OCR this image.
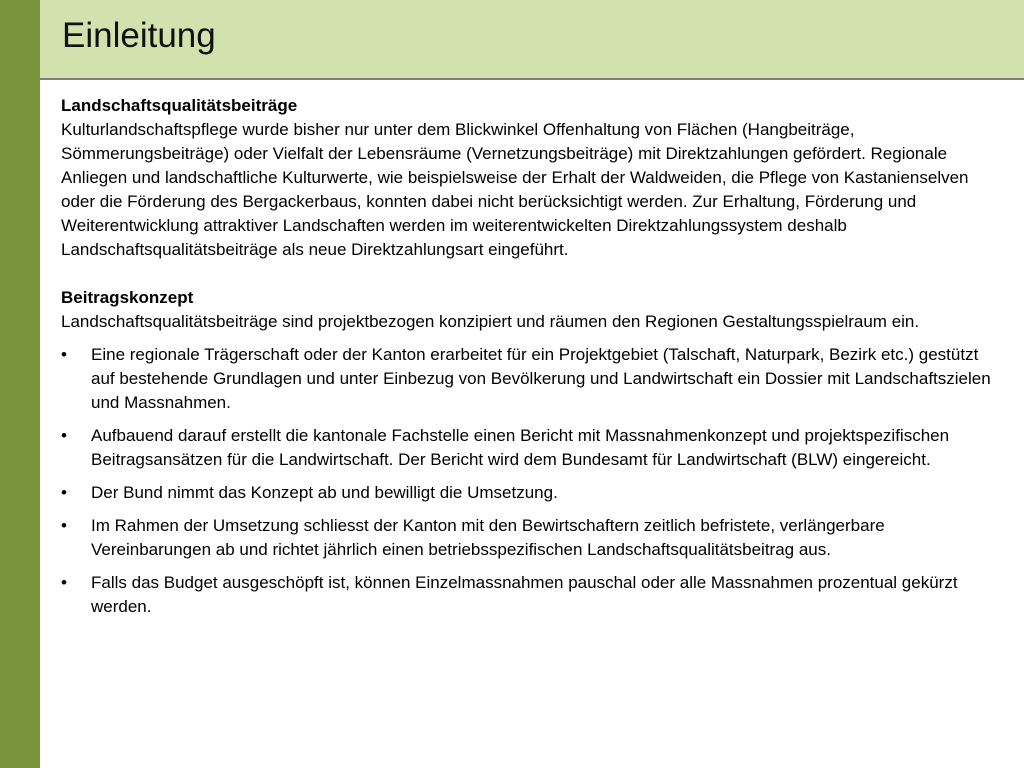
Einleitung
Landschaftsqualitätsbeiträge

Kulturlandschaftspflege wurde bisher nur unter dem Blickwinkel Offenhaltung von Flächen (Hangbeiträge, Sömmerungsbeiträge) oder Vielfalt der Lebensräume (Vernetzungsbeiträge) mit Direktzahlungen gefördert. Regionale Anliegen und landschaftliche Kulturwerte, wie beispielsweise der Erhalt der Waldweiden, die Pflege von Kastanienselven oder die Förderung des Bergackerbaus, konnten dabei nicht berücksichtigt werden. Zur Erhaltung, Förderung und Weiterentwicklung attraktiver Landschaften werden im weiterentwickelten Direktzahlungssystem deshalb Landschaftsqualitätsbeiträge als neue Direktzahlungsart eingeführt.

Beitragskonzept

Landschaftsqualitätsbeiträge sind projektbezogen konzipiert und räumen den Regionen Gestaltungsspielraum ein.

• Eine regionale Trägerschaft oder der Kanton erarbeitet für ein Projektgebiet (Talschaft, Naturpark, Bezirk etc.) gestützt auf bestehende Grundlagen und unter Einbezug von Bevölkerung und Landwirtschaft ein Dossier mit Landschaftszielen und Massnahmen.
• Aufbauend darauf erstellt die kantonale Fachstelle einen Bericht mit Massnahmenkonzept und projektspezifischen Beitragsansätzen für die Landwirtschaft. Der Bericht wird dem Bundesamt für Landwirtschaft (BLW) eingereicht.
• Der Bund nimmt das Konzept ab und bewilligt die Umsetzung.
• Im Rahmen der Umsetzung schliesst der Kanton mit den Bewirtschaftern zeitlich befristete, verlängerbare Vereinbarungen ab und richtet jährlich einen betriebsspezifischen Landschaftsqualitätsbeitrag aus.
• Falls das Budget ausgeschöpft ist, können Einzelmassnahmen pauschal oder alle Massnahmen prozentual gekürzt werden.
